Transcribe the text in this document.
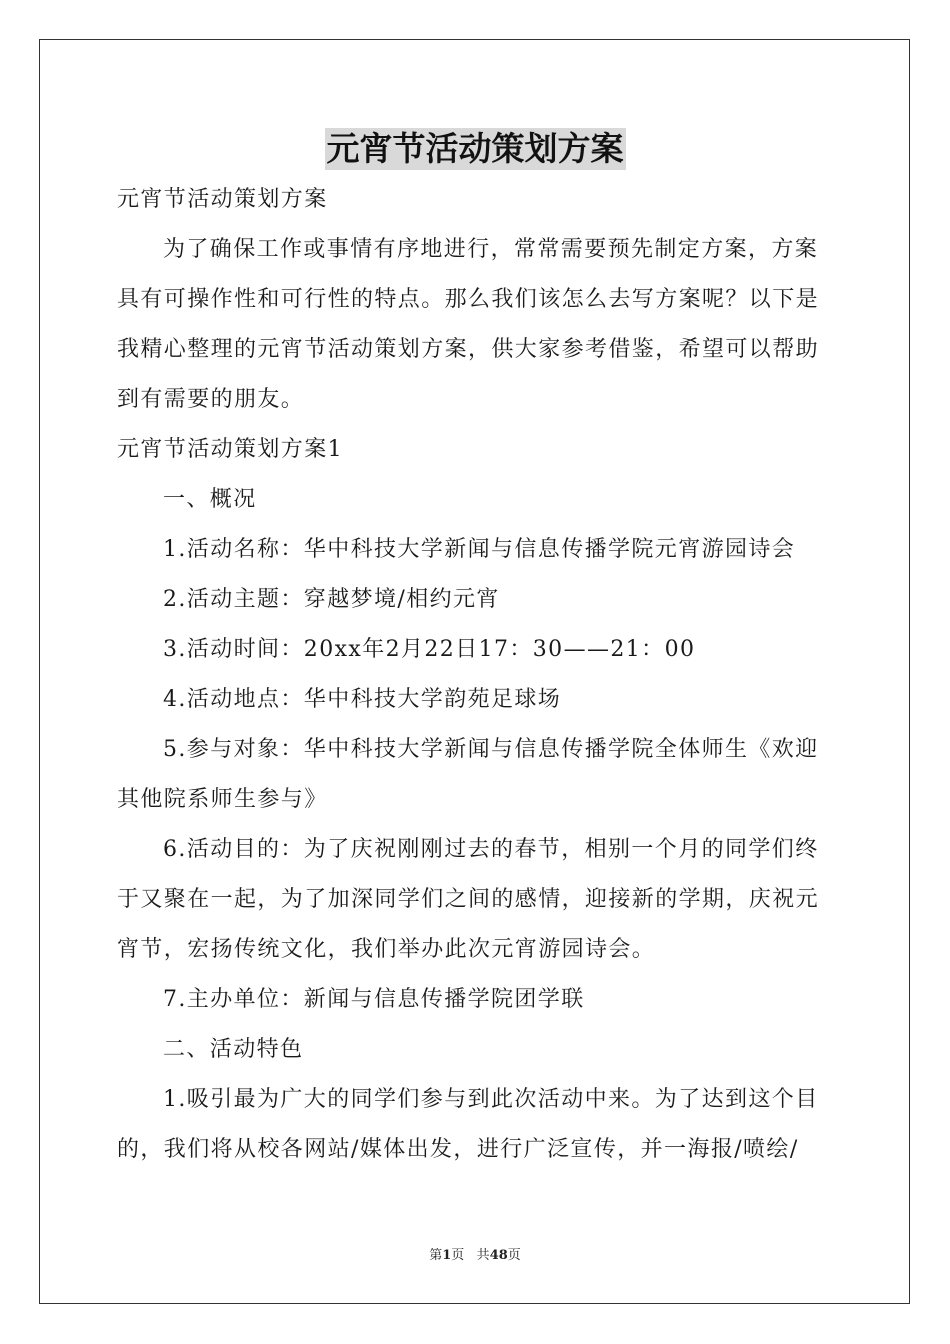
元宵节活动策划方案
元宵节活动策划方案
为了确保工作或事情有序地进行，常常需要预先制定方案，方案
具有可操作性和可行性的特点。那么我们该怎么去写方案呢？以下是
我精心整理的元宵节活动策划方案，供大家参考借鉴，希望可以帮助
到有需要的朋友。
元宵节活动策划方案1
一、概况
1.活动名称：华中科技大学新闻与信息传播学院元宵游园诗会
2.活动主题：穿越梦境/相约元宵
3.活动时间：20xx年2月22日17：30——21：00
4.活动地点：华中科技大学韵苑足球场
5.参与对象：华中科技大学新闻与信息传播学院全体师生《欢迎
其他院系师生参与》
6.活动目的：为了庆祝刚刚过去的春节，相别一个月的同学们终
于又聚在一起，为了加深同学们之间的感情，迎接新的学期，庆祝元
宵节，宏扬传统文化，我们举办此次元宵游园诗会。
7.主办单位：新闻与信息传播学院团学联
二、活动特色
1.吸引最为广大的同学们参与到此次活动中来。为了达到这个目
的，我们将从校各网站/媒体出发，进行广泛宣传，并一海报/喷绘/
第1页 共48页
